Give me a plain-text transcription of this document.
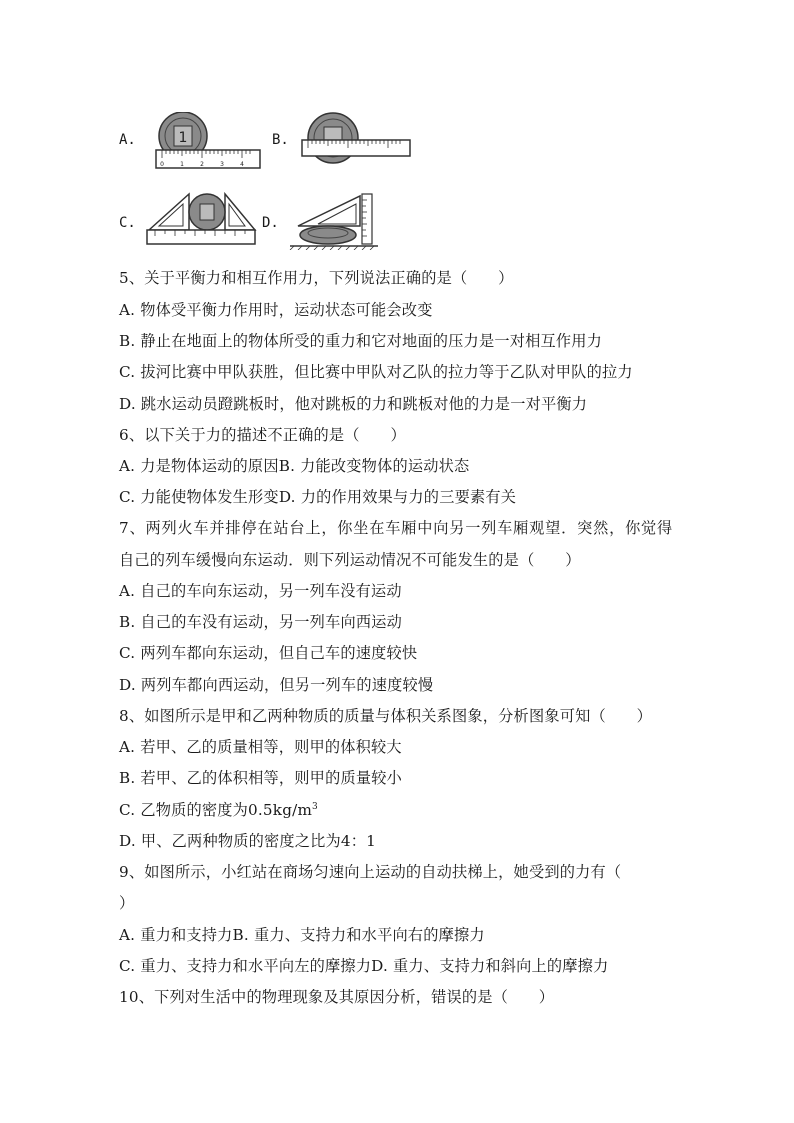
A.	1
0	1	2	3	4
B.
C.	D.
5、关于平衡力和相互作用力，下列说法正确的是（　　）
A. 物体受平衡力作用时，运动状态可能会改变
B. 静止在地面上的物体所受的重力和它对地面的压力是一对相互作用力
C. 拔河比赛中甲队获胜，但比赛中甲队对乙队的拉力等于乙队对甲队的拉力
D. 跳水运动员蹬跳板时，他对跳板的力和跳板对他的力是一对平衡力
6、以下关于力的描述不正确的是（　　）
A. 力是物体运动的原因B. 力能改变物体的运动状态
C. 力能使物体发生形变D. 力的作用效果与力的三要素有关
7、两列火车并排停在站台上，你坐在车厢中向另一列车厢观望．突然，你觉得
自己的列车缓慢向东运动．则下列运动情况不可能发生的是（　　）
A. 自己的车向东运动，另一列车没有运动
B. 自己的车没有运动，另一列车向西运动
C. 两列车都向东运动，但自己车的速度较快
D. 两列车都向西运动，但另一列车的速度较慢
8、如图所示是甲和乙两种物质的质量与体积关系图象，分析图象可知（　　）
A. 若甲、乙的质量相等，则甲的体积较大
B. 若甲、乙的体积相等，则甲的质量较小
C. 乙物质的密度为$0.5kg/m^3$
D. 甲、乙两种物质的密度之比为4：1
9、如图所示，小红站在商场匀速向上运动的自动扶梯上，她受到的力有（
）
A. 重力和支持力B. 重力、支持力和水平向右的摩擦力
C. 重力、支持力和水平向左的摩擦力D. 重力、支持力和斜向上的摩擦力
10、下列对生活中的物理现象及其原因分析，错误的是（　　）
